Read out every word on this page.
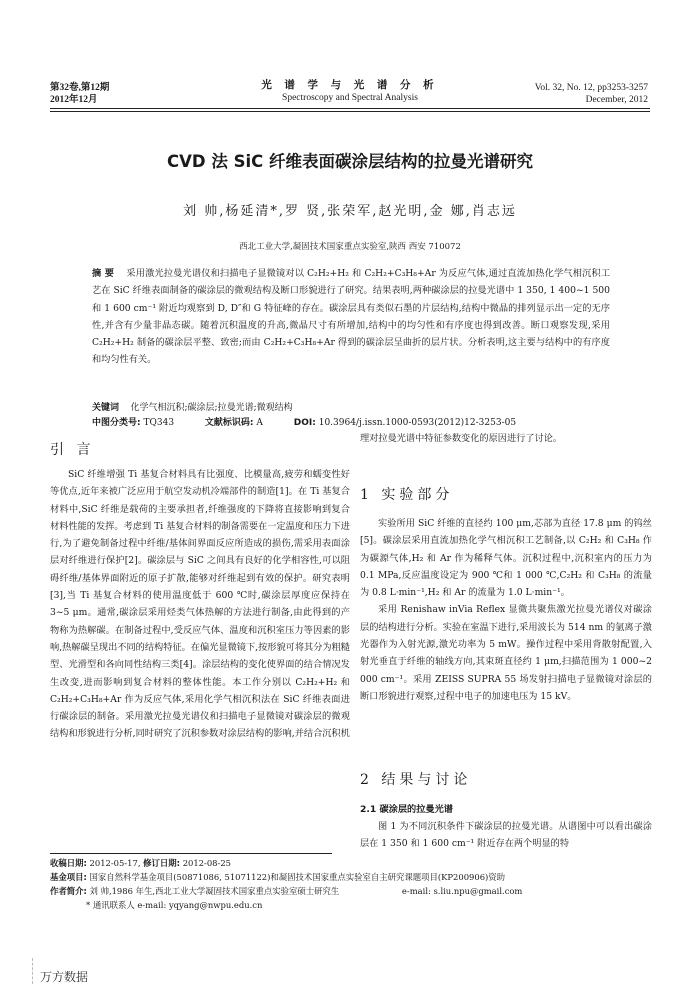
第32卷,第12期
2012年12月
光 谱 学 与 光 谱 分 析
Spectroscopy and Spectral Analysis
Vol. 32, No. 12, pp3253-3257
December, 2012
CVD 法 SiC 纤维表面碳涂层结构的拉曼光谱研究
刘 帅,杨延清*,罗 贤,张荣军,赵光明,金 娜,肖志远
西北工业大学,凝固技术国家重点实验室,陕西 西安 710072
摘 要 采用激光拉曼光谱仪和扫描电子显微镜对以 C₂H₂+H₂ 和 C₂H₂+C₃H₈+Ar 为反应气体,通过直流加热化学气相沉积工艺在 SiC 纤维表面制备的碳涂层的微观结构及断口形貌进行了研究。结果表明,两种碳涂层的拉曼光谱中 1 350, 1 400~1 500 和 1 600 cm⁻¹ 附近均观察到 D, D″和 G 特征峰的存在。碳涂层具有类似石墨的片层结构,结构中微晶的排列显示出一定的无序性,并含有少量非晶态碳。随着沉积温度的升高,微晶尺寸有所增加,结构中的均匀性和有序度也得到改善。断口观察发现,采用 C₂H₂+H₂ 制备的碳涂层平整、致密;而由 C₂H₂+C₃H₈+Ar 得到的碳涂层呈曲折的层片状。分析表明,这主要与结构中的有序度和均匀性有关。
关键词 化学气相沉积;碳涂层;拉曼光谱;微观结构
中图分类号: TQ343	文献标识码: A	DOI: 10.3964/j.issn.1000-0593(2012)12-3253-05
引 言
1 实验部分
2 结果与讨论
2.1 碳涂层的拉曼光谱
SiC 纤维增强 Ti 基复合材料具有比强度、比模量高,疲劳和蠕变性好等优点,近年来被广泛应用于航空发动机冷端部件的制造[1]。在 Ti 基复合材料中,SiC 纤维是载荷的主要承担者,纤维强度的下降将直接影响到复合材料性能的发挥。考虑到 Ti 基复合材料的制备需要在一定温度和压力下进行,为了避免制备过程中纤维/基体间界面反应所造成的损伤,需采用表面涂层对纤维进行保护[2]。碳涂层与 SiC 之间具有良好的化学相容性,可以阻碍纤维/基体界面附近的原子扩散,能够对纤维起到有效的保护。研究表明[3],当 Ti 基复合材料的使用温度低于 600 ℃时,碳涂层厚度应保持在 3~5 μm。通常,碳涂层采用烃类气体热解的方法进行制备,由此得到的产物称为热解碳。在制备过程中,受反应气体、温度和沉积室压力等因素的影响,热解碳呈现出不同的结构特征。在偏光显微镜下,按形貌可将其分为粗糙型、光滑型和各向同性结构三类[4]。涂层结构的变化使界面的结合情况发生改变,进而影响到复合材料的整体性能。本工作分别以 C₂H₂+H₂ 和 C₂H₂+C₃H₈+Ar 作为反应气体,采用化学气相沉积法在 SiC 纤维表面进行碳涂层的制备。采用激光拉曼光谱仪和扫描电子显微镜对碳涂层的微观结构和形貌进行分析,同时研究了沉积参数对涂层结构的影响,并结合沉积机
理对拉曼光谱中特征参数变化的原因进行了讨论。

实验所用 SiC 纤维的直径约 100 μm,芯部为直径 17.8 μm 的钨丝[5]。碳涂层采用直流加热化学气相沉积工艺制备,以 C₂H₂ 和 C₃H₈ 作为碳源气体,H₂ 和 Ar 作为稀释气体。沉积过程中,沉积室内的压力为 0.1 MPa,反应温度设定为 900 ℃和 1 000 ℃,C₂H₂ 和 C₃H₈ 的流量为 0.8 L·min⁻¹,H₂ 和 Ar 的流量为 1.0 L·min⁻¹。

采用 Renishaw inVia Reflex 显微共聚焦激光拉曼光谱仪对碳涂层的结构进行分析。实验在室温下进行,采用波长为 514 nm 的氩离子激光器作为入射光源,激光功率为 5 mW。操作过程中采用背散射配置,入射光垂直于纤维的轴线方向,其束斑直径约 1 μm,扫描范围为 1 000~2 000 cm⁻¹。采用 ZEISS SUPRA 55 场发射扫描电子显微镜对涂层的断口形貌进行观察,过程中电子的加速电压为 15 kV。

图 1 为不同沉积条件下碳涂层的拉曼光谱。从谱图中可以看出碳涂层在 1 350 和 1 600 cm⁻¹ 附近存在两个明显的特
收稿日期: 2012-05-17, 修订日期: 2012-08-25
基金项目: 国家自然科学基金项目(50871086, 51071122)和凝固技术国家重点实验室自主研究课题项目(KP200906)资助
作者简介: 刘 帅,1986 年生,西北工业大学凝固技术国家重点实验室硕士研究生	e-mail: s.liu.npu@gmail.com
* 通讯联系人 e-mail: yqyang@nwpu.edu.cn
万方数据
